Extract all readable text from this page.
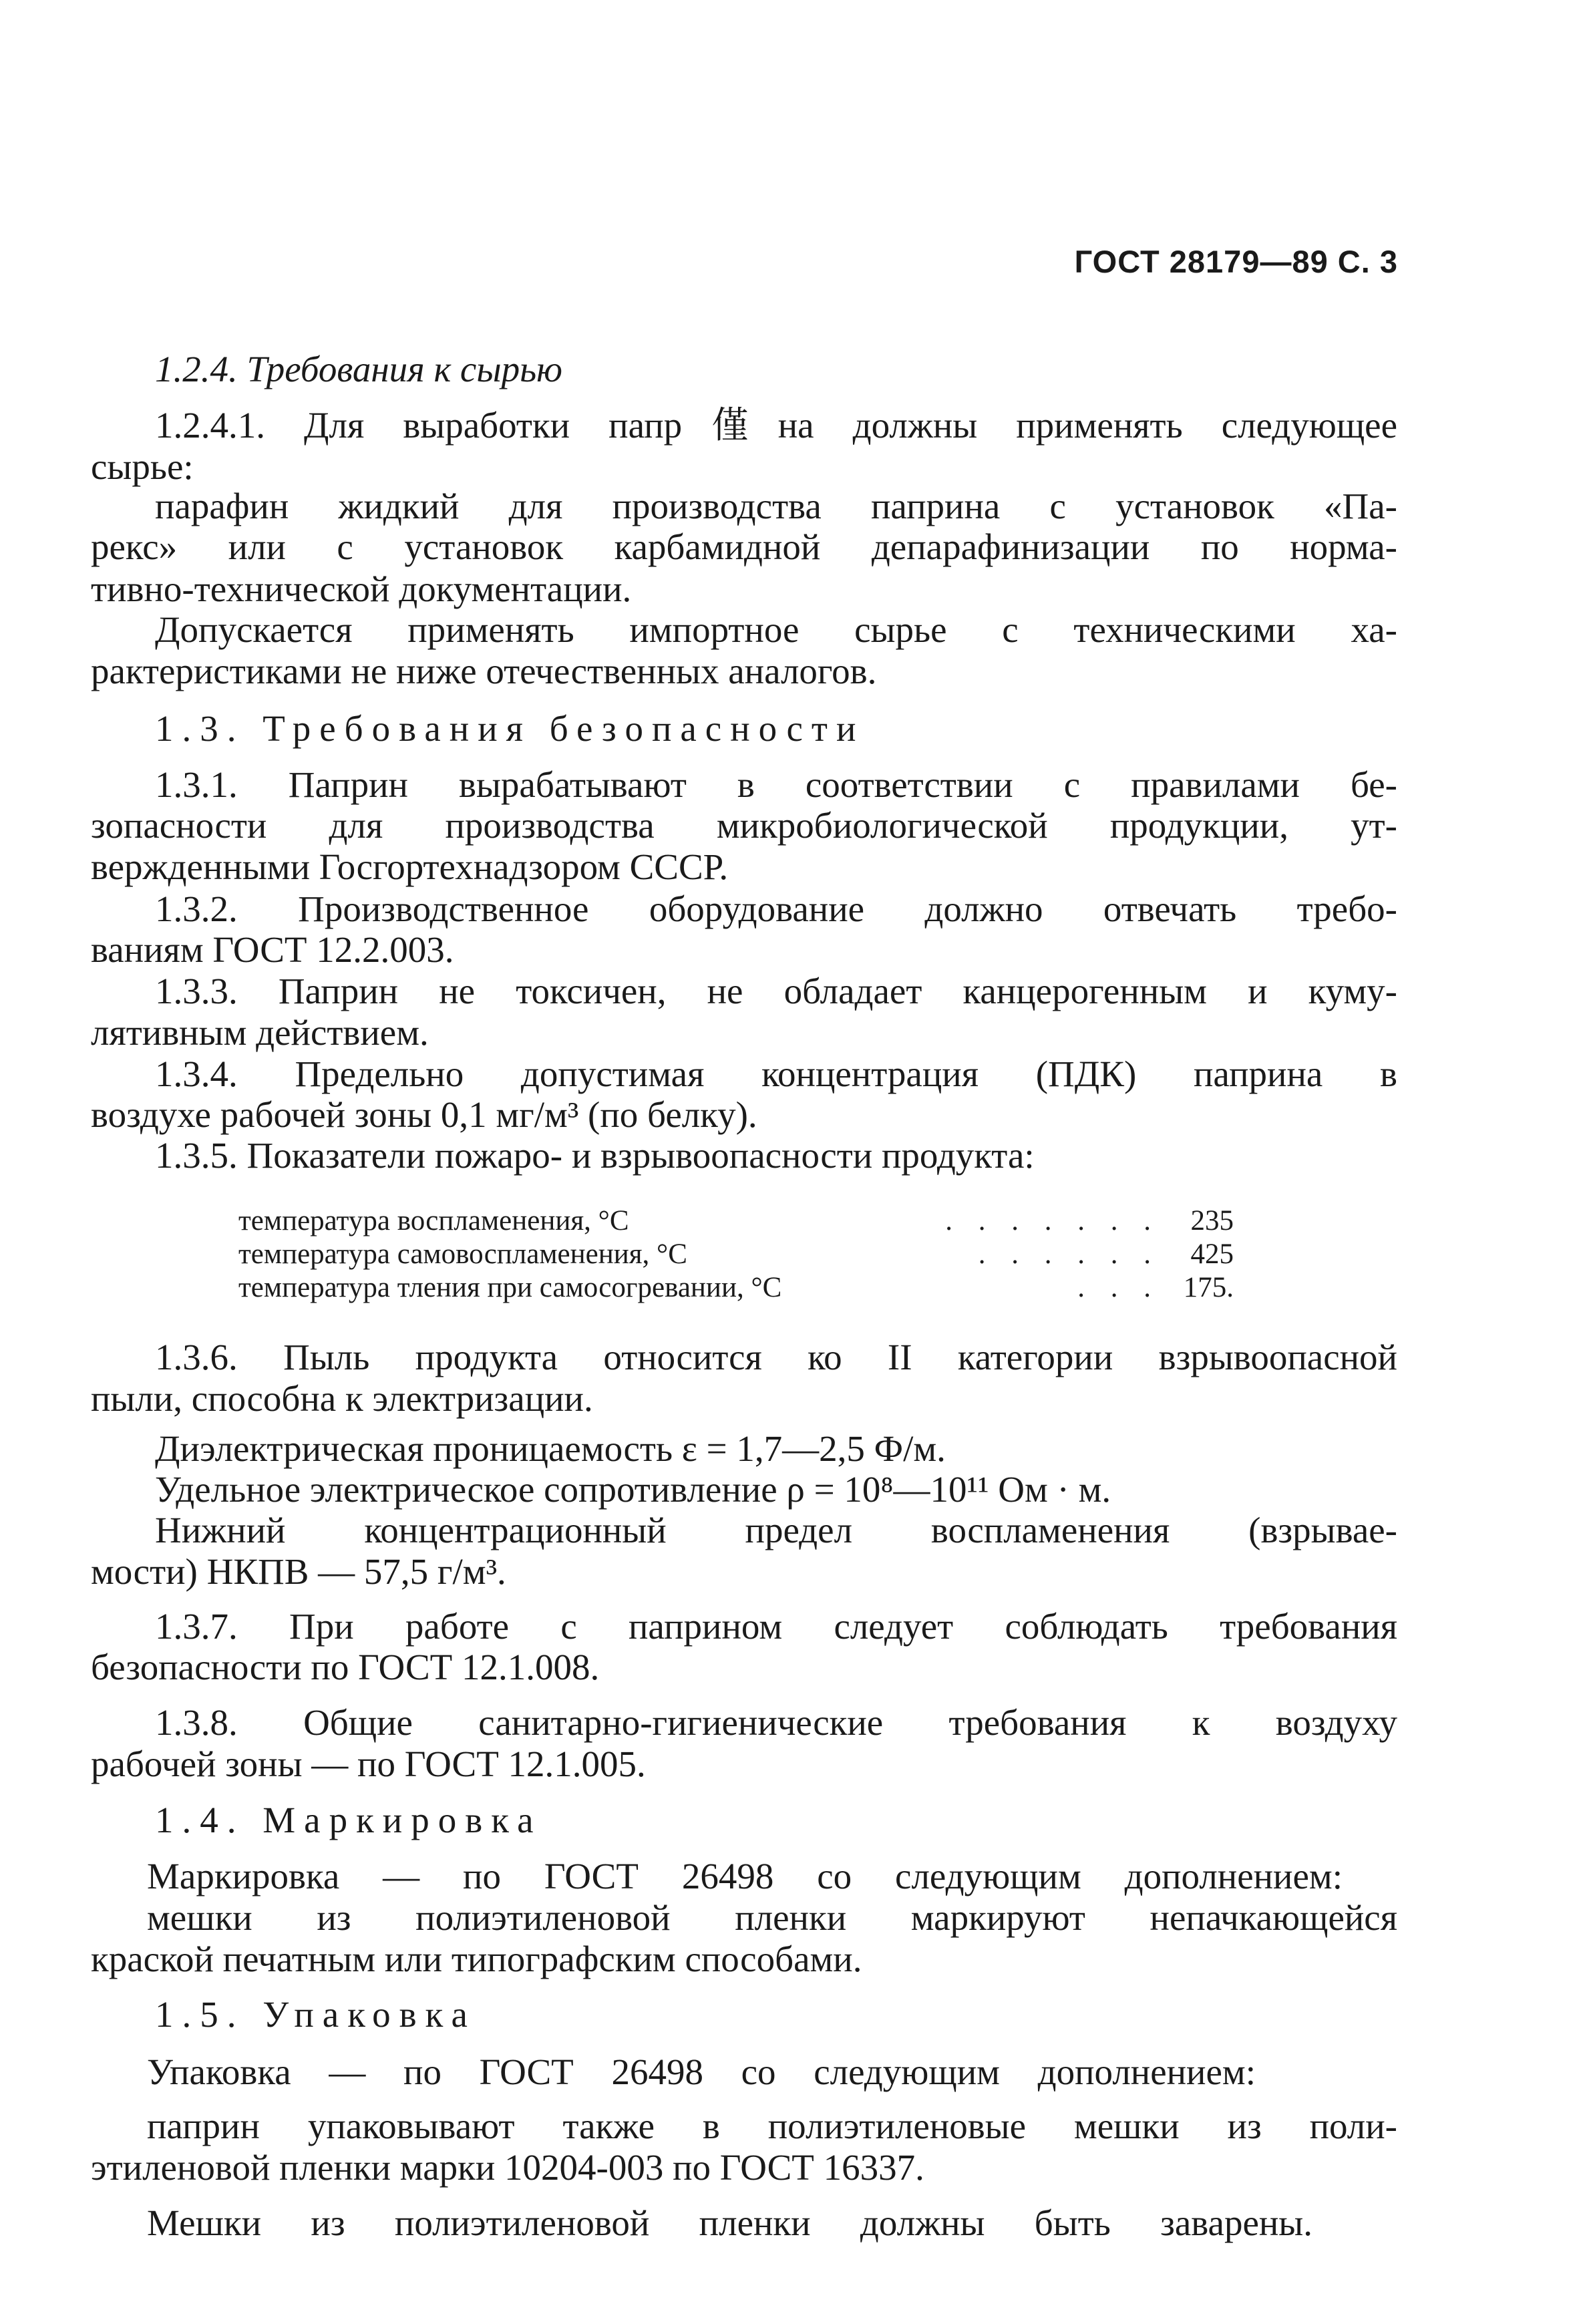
ГОСТ 28179—89 С. 3
1.2.4. Требования к сырью
1.2.4.1. Для выработки папр僅на должны применять следующее
сырье:
парафин жидкий для производства паприна с установок «Па-
рекс» или с установок карбамидной депарафинизации по норма-
тивно-технической документации.
Допускается применять импортное сырье с техническими ха-
рактеристиками не ниже отечественных аналогов.
1.3. Требования безопасности
1.3.1. Паприн вырабатывают в соответствии с правилами бе-
зопасности для производства микробиологической продукции, ут-
вержденными Госгортехнадзором СССР.
1.3.2. Производственное оборудование должно отвечать требо-
ваниям ГОСТ 12.2.003.
1.3.3. Паприн не токсичен, не обладает канцерогенным и куму-
лятивным действием.
1.3.4. Предельно допустимая концентрация (ПДК) паприна в
воздухе рабочей зоны 0,1 мг/м³ (по белку).
1.3.5. Показатели пожаро- и взрывоопасности продукта:
1.3.6. Пыль продукта относится ко II категории взрывоопасной
пыли, способна к электризации.
Диэлектрическая проницаемость ε = 1,7—2,5 Ф/м.
Удельное электрическое сопротивление ρ = 10⁸—10¹¹ Ом · м.
Нижний концентрационный предел воспламенения (взрывае-
мости) НКПВ — 57,5 г/м³.
1.3.7. При работе с паприном следует соблюдать требования
безопасности по ГОСТ 12.1.008.
1.3.8. Общие санитарно-гигиенические требования к воздуху
рабочей зоны — по ГОСТ 12.1.005.
1.4. Маркировка
Маркировка — по ГОСТ 26498 со следующим дополнением:
мешки из полиэтиленовой пленки маркируют непачкающейся
краской печатным или типографским способами.
1.5. Упаковка
Упаковка — по ГОСТ 26498 со следующим дополнением:
паприн упаковывают также в полиэтиленовые мешки из поли-
этиленовой пленки марки 10204-003 по ГОСТ 16337.
Мешки из полиэтиленовой пленки должны быть заварены.
температура воспламенения, °С	. . . . . . .	235
температура самовоспламенения, °С	. . . . . .	425
температура тления при самосогревании, °С	. . . 175.
